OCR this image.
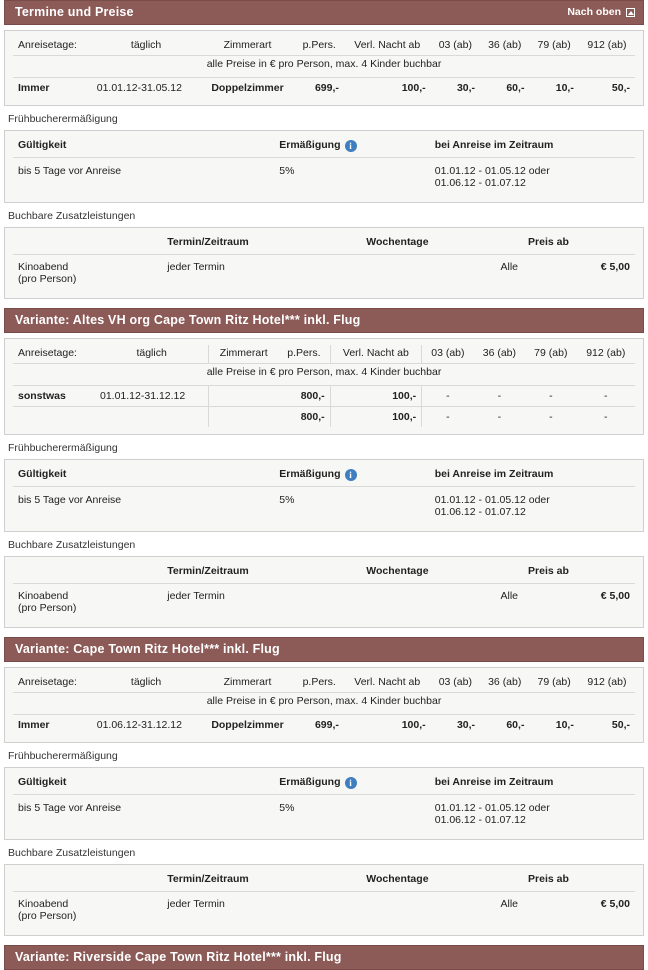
Termine und Preise	Nach oben
alle Preise in € pro Person, max. 4 Kinder buchbar								
Anreisetage:	täglich	Zimmerart	p.Pers.	Verl. Nacht ab	03 (ab)	36 (ab)	79 (ab)	912 (ab)
Immer	01.01.12-31.05.12	Doppelzimmer	699,-	100,-	30,-	60,-	10,-	50,-
Frühbucherermäßigung
Gültigkeit	Ermäßigung i	bei Anreise im Zeitraum
bis 5 Tage vor Anreise	5%	01.01.12 - 01.05.12 oder
01.06.12 - 01.07.12
Buchbare Zusatzleistungen
	Termin/Zeitraum	Wochentage	Preis ab
Kinoabend
(pro Person)	jeder Termin	Alle	€ 5,00
Variante: Altes VH org Cape Town Ritz Hotel*** inkl. Flug
alle Preise in € pro Person, max. 4 Kinder buchbar								
Anreisetage:	täglich	Zimmerart	p.Pers.	Verl. Nacht ab	03 (ab)	36 (ab)	79 (ab)	912 (ab)
sonstwas	01.01.12-31.12.12		800,-	100,-	-	-	-	-
			800,-	100,-	-	-	-	-
Frühbucherermäßigung
Gültigkeit	Ermäßigung i	bei Anreise im Zeitraum
bis 5 Tage vor Anreise	5%	01.01.12 - 01.05.12 oder
01.06.12 - 01.07.12
Buchbare Zusatzleistungen
	Termin/Zeitraum	Wochentage	Preis ab
Kinoabend
(pro Person)	jeder Termin	Alle	€ 5,00
Variante: Cape Town Ritz Hotel*** inkl. Flug
alle Preise in € pro Person, max. 4 Kinder buchbar								
Anreisetage:	täglich	Zimmerart	p.Pers.	Verl. Nacht ab	03 (ab)	36 (ab)	79 (ab)	912 (ab)
Immer	01.06.12-31.12.12	Doppelzimmer	699,-	100,-	30,-	60,-	10,-	50,-
Frühbucherermäßigung
Gültigkeit	Ermäßigung i	bei Anreise im Zeitraum
bis 5 Tage vor Anreise	5%	01.01.12 - 01.05.12 oder
01.06.12 - 01.07.12
Buchbare Zusatzleistungen
	Termin/Zeitraum	Wochentage	Preis ab
Kinoabend
(pro Person)	jeder Termin	Alle	€ 5,00
Variante: Riverside Cape Town Ritz Hotel*** inkl. Flug
